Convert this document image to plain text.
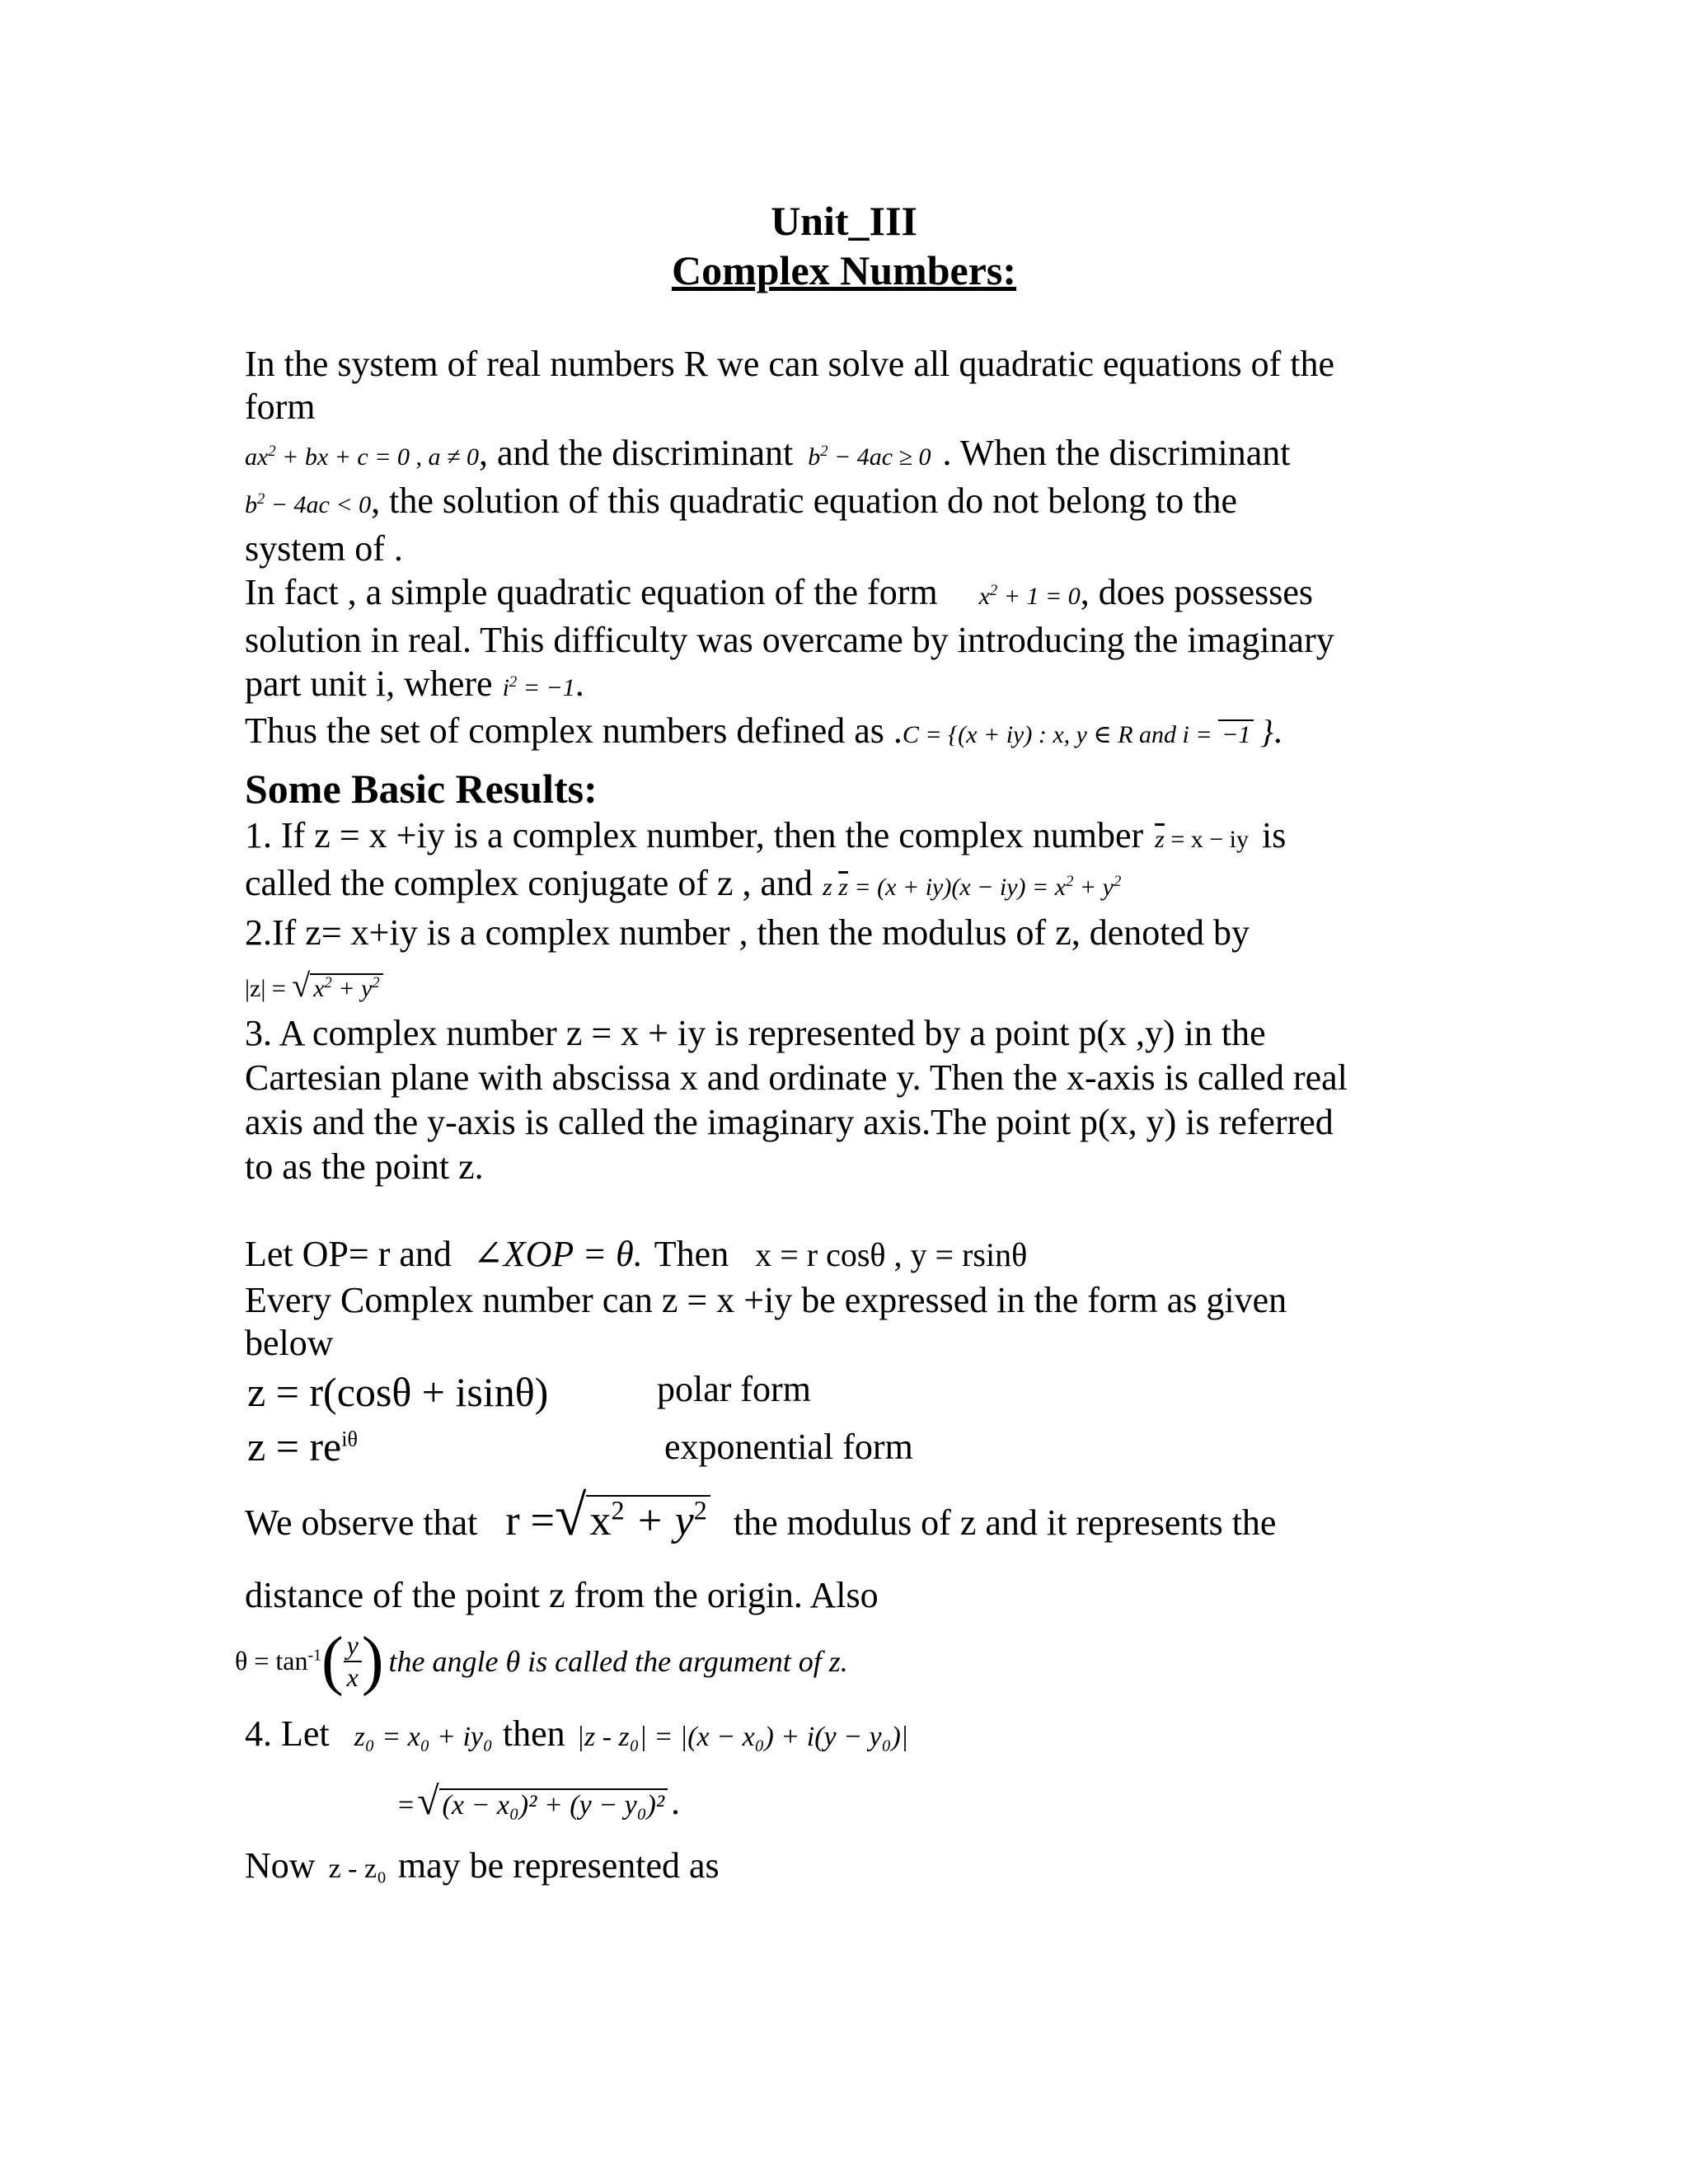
Unit_III
Complex Numbers:
In the system of real numbers R we can solve all quadratic equations of the
form
$ax^2$ + bx + c = 0 , a ≠ 0, and the discriminant $b^2 - 4ac \ge 0$ . When the discriminant
$b^2 - 4ac < 0$, the solution of this quadratic equation do not belong to the
system of .
In fact , a simple quadratic equation of the form $x^2 + 1 = 0$, does possesses
solution in real. This difficulty was overcame by introducing the imaginary
part unit i, where $i^2 = -1$.
Thus the set of complex numbers defined as .C = {(x + iy) : x, y ∈ R and i = −1 }.
Some Basic Results:
1. If z = x +iy is a complex number, then the complex number $\overline{z} = x$ − iy is
called the complex conjugate of z , and z $\overline{z} = (x + iy)(x - iy) = x^2 + y^2$
2.If z= x+iy is a complex number , then the modulus of z, denoted by
|z| = √ $x^2 + y^2$
3. A complex number z = x + iy is represented by a point p(x ,y) in the
Cartesian plane with abscissa x and ordinate y. Then the x-axis is called real
axis and the y-axis is called the imaginary axis.The point p(x, y) is referred
to as the point z.
Let OP= r and ∠XOP = θ. Then x = r cosθ , y = rsinθ
Every Complex number can z = x +iy be expressed in the form as given
below
z = r(cosθ + isinθ)	polar form
$z = re^{i\theta}$	exponential form
We observe that $r =√x^2 + y^2$ the modulus of z and it represents the
distance of the point z from the origin. Also
$\theta = \tan^{-1}$ ( $\frac{y}{x}$ ) the angle θ is called the argument of z.
4. Let z₀ = x₀ + iy₀ then |z - z₀| = |(x − x₀) + i(y − y₀)|
= √ (x − x₀)² + (y − y₀)² .
Now z - z₀ may be represented as
